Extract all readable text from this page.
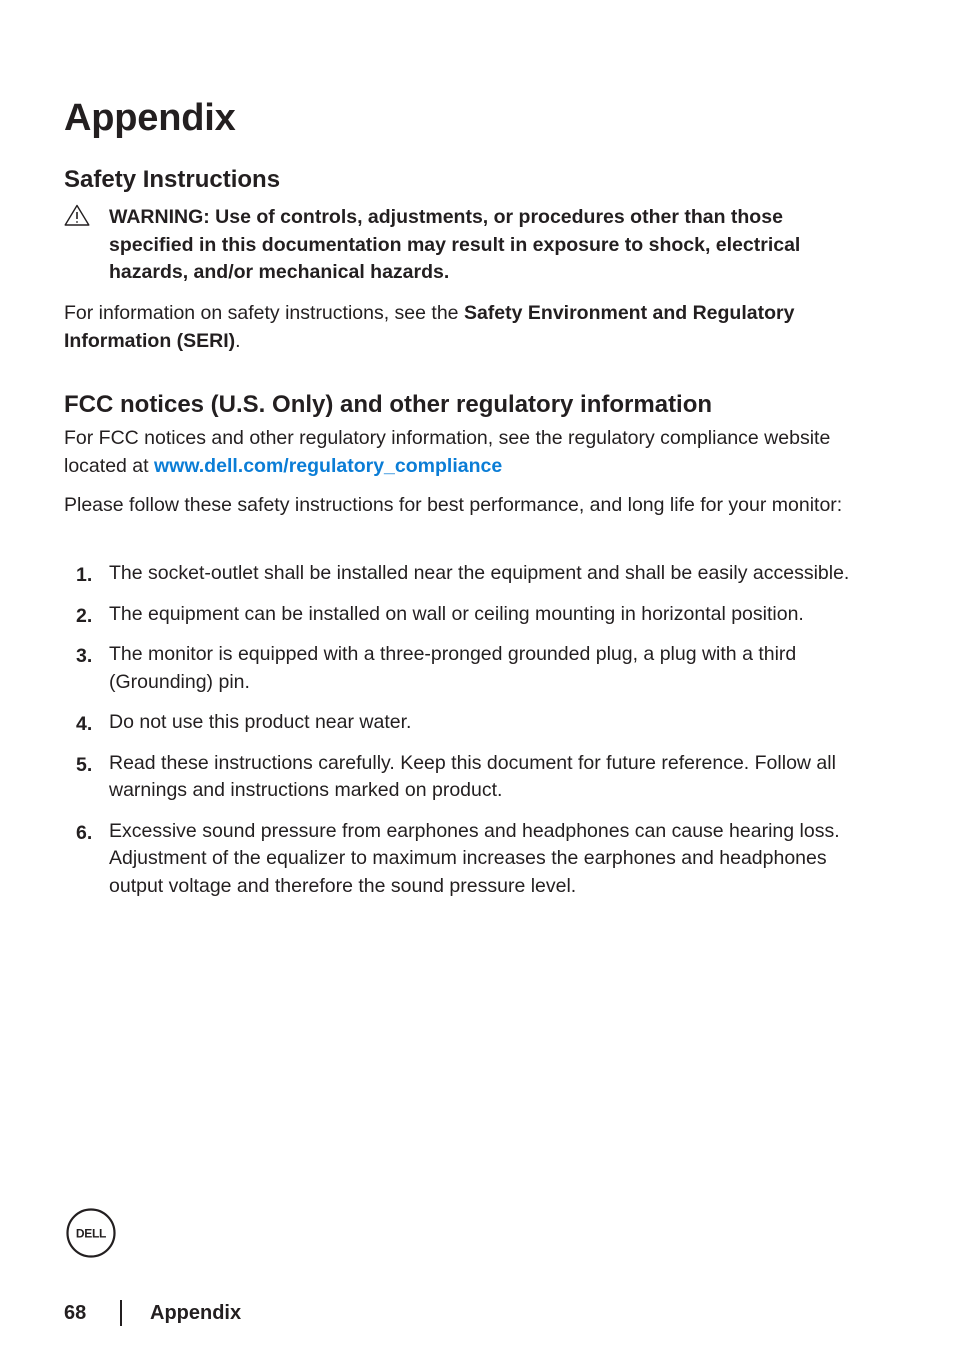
Appendix
Safety Instructions
WARNING: Use of controls, adjustments, or procedures other than those specified in this documentation may result in exposure to shock, electrical hazards, and/or mechanical hazards.

For information on safety instructions, see the Safety Environment and Regulatory Information (SERI).

FCC notices (U.S. Only) and other regulatory information

For FCC notices and other regulatory information, see the regulatory compliance website located at www.dell.com/regulatory_compliance

Please follow these safety instructions for best performance, and long life for your monitor:

1. The socket-outlet shall be installed near the equipment and shall be easily accessible.
2. The equipment can be installed on wall or ceiling mounting in horizontal position.
3. The monitor is equipped with a three-pronged grounded plug, a plug with a third (Grounding) pin.
4. Do not use this product near water.
5. Read these instructions carefully. Keep this document for future reference. Follow all warnings and instructions marked on product.
6. Excessive sound pressure from earphones and headphones can cause hearing loss. Adjustment of the equalizer to maximum increases the earphones and headphones output voltage and therefore the sound pressure level.
DELL
68	Appendix
